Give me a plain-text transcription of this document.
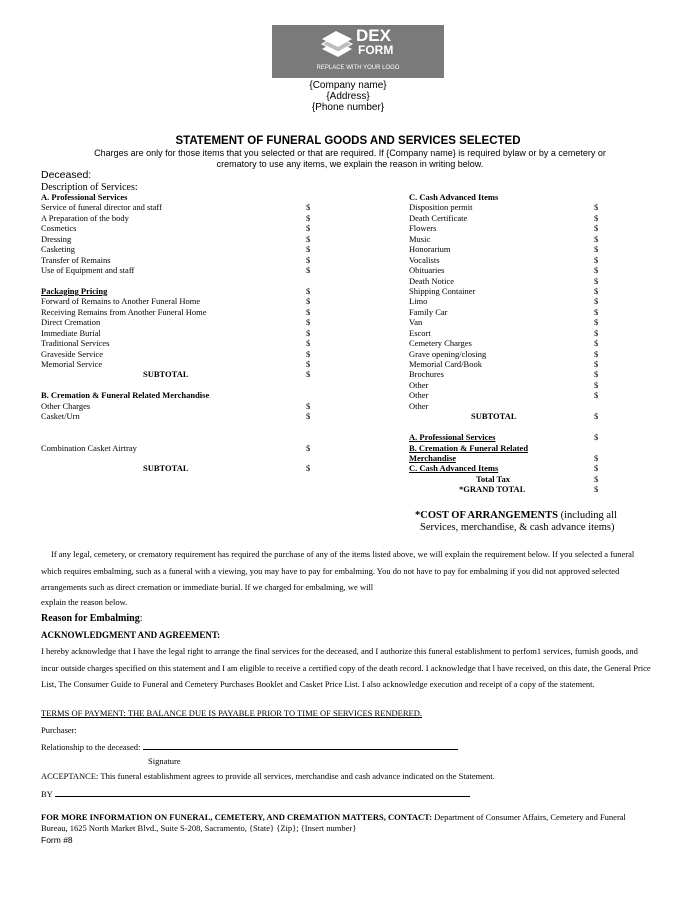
DEX
FORM
REPLACE WITH YOUR LOGO
{Company name}
{Address}
{Phone number}
STATEMENT OF FUNERAL GOODS AND SERVICES SELECTED
Charges are only for those items that you selected or that are required. If {Company name} is required bylaw or by a cemetery or crematory to use any items, we explain the reason in writing below.
Deceased:
Description of Services:
A. Professional Services
Service of funeral director and staff	$
A Preparation of the body	$
Cosmetics	$
Dressing	$
Casketing	$
Transfer of Remains	$
Use of Equipment and staff	$
Packaging Pricing	$
Forward of Remains to Another Funeral Home	$
Receiving Remains from Another Funeral Home	$
Direct Cremation	$
Immediate Burial	$
Traditional Services	$
Graveside Service	$
Memorial Service	$
SUBTOTAL	$
B. Cremation & Funeral Related Merchandise
Other Charges	$
Casket/Urn	$
Combination Casket Airtray	$
SUBTOTAL	$
C. Cash Advanced Items
Disposition permit	$
Death Certificate	$
Flowers	$
Music	$
Honorarium	$
Vocalists	$
Obituaries	$
Death Notice	$
Shipping Container	$
Limo	$
Family Car	$
Van	$
Escort	$
Cemetery Charges	$
Grave opening/closing	$
Memorial Card/Book	$
Brochures	$
Other	$
Other	$
Other
SUBTOTAL	$
A. Professional Services	$
B. Cremation & Funeral Related
Merchandise	$
C. Cash Advanced Items	$
Total Tax	$
*GRAND TOTAL	$
*COST OF ARRANGEMENTS (including all
Services, merchandise, & cash advance items)
If any legal, cemetery, or crematory requirement has required the purchase of any of the items listed above, we will explain the requirement below. If you selected a funeral which requires embalming, such as a funeral with a viewing, you may have to pay for embalming. You do not have to pay for embalming if you did not approved selected arrangements such as direct cremation or immediate burial. If we charged for embalming, we will
explain the reason below.
Reason for Embalming:
ACKNOWLEDGMENT AND AGREEMENT:
I hereby acknowledge that I have the legal right to arrange the final services for the deceased, and I authorize this funeral establishment to perfom1 services, furnish goods, and incur outside charges specified on this statement and I am eligible to receive a certified copy of the death record. I acknowledge that l have received, on this date, the General Price List, The Consumer Guide to Funeral and Cemetery Purchases Booklet and Casket Price List. I also acknowledge execution and receipt of a copy of the statement.
TERMS OF PAYMENT: THE BALANCE DUE IS PAYABLE PRIOR TO TIME OF SERVICES RENDERED.
Purchaser:
Relationship to the deceased:
Signature
ACCEPTANCE: This funeral establishment agrees to provide all services, merchandise and cash advance indicated on the Statement.
BY
FOR MORE INFORMATION ON FUNERAL, CEMETERY, AND CREMATION MATTERS, CONTACT: Department of Consumer Affairs, Cemetery and Funeral Bureau, 1625 North Market Blvd., Suite S-208, Sacramento, {State} {Zip}; {Insert number}
Form #8
